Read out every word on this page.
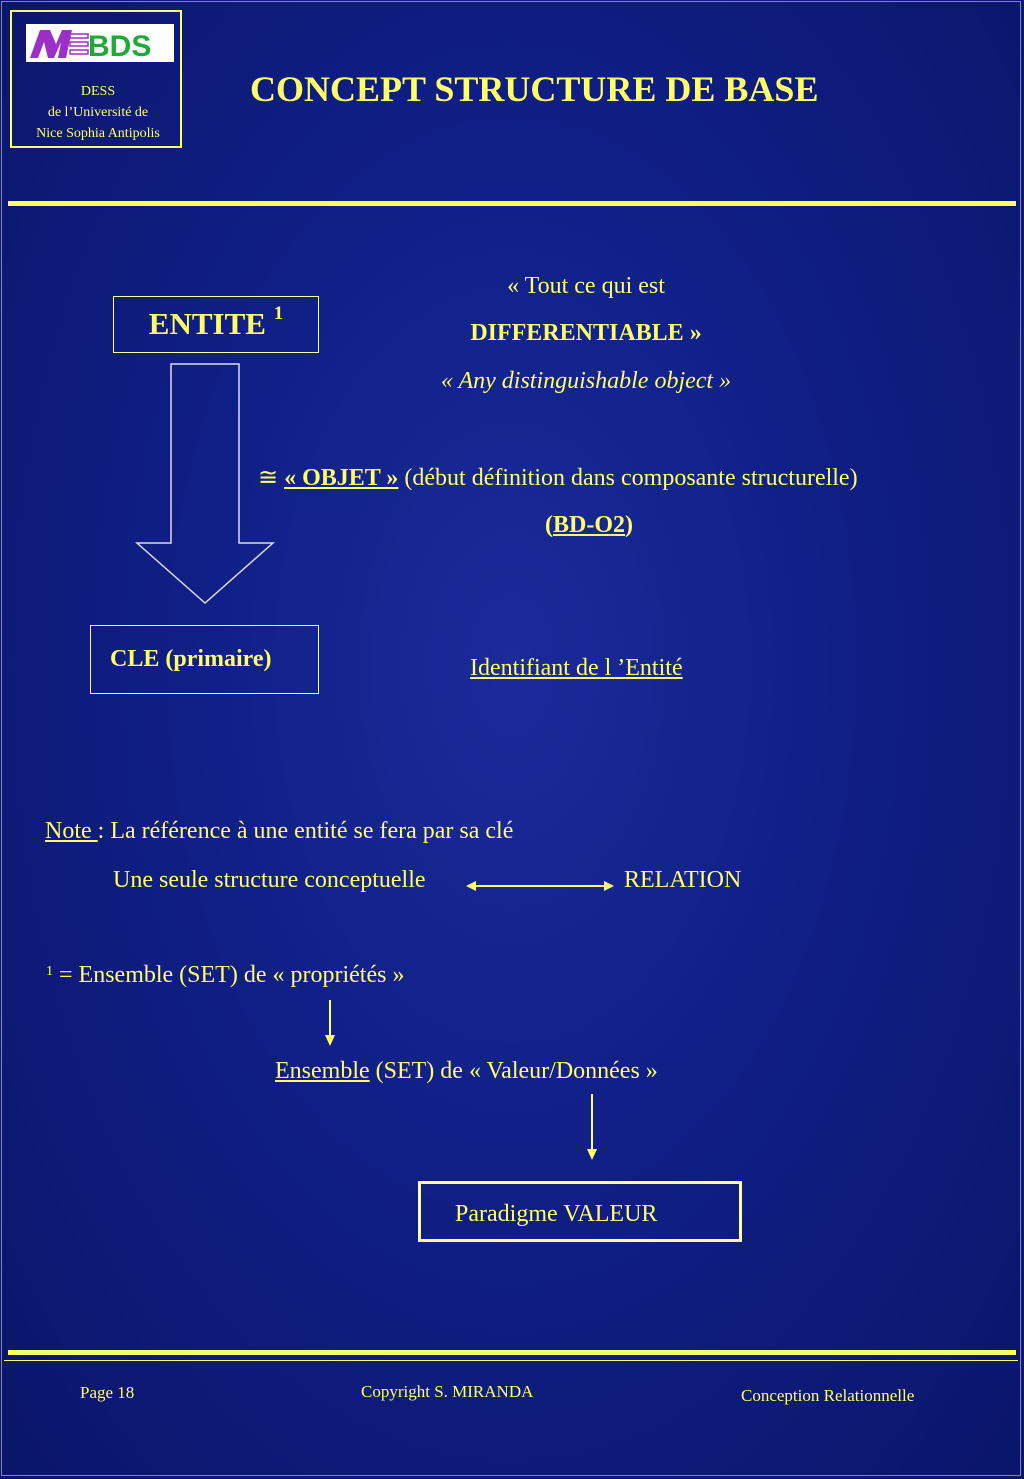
BDS
DESS
de l’Université de
Nice Sophia Antipolis
CONCEPT STRUCTURE DE BASE
ENTITE $^1$
CLE (primaire)
« Tout ce qui est
DIFFERENTIABLE »
« Any distinguishable object »
≅ « OBJET » (début définition dans composante structurelle)
(BD-O2)
Identifiant de l ’Entité
Note : La référence à une entité se fera par sa clé
Une seule structure conceptuelle	RELATION
$^1$ = Ensemble (SET) de « propriétés »
Ensemble (SET) de « Valeur/Données »
Paradigme VALEUR
Page 18	Copyright S. MIRANDA	Conception Relationnelle
